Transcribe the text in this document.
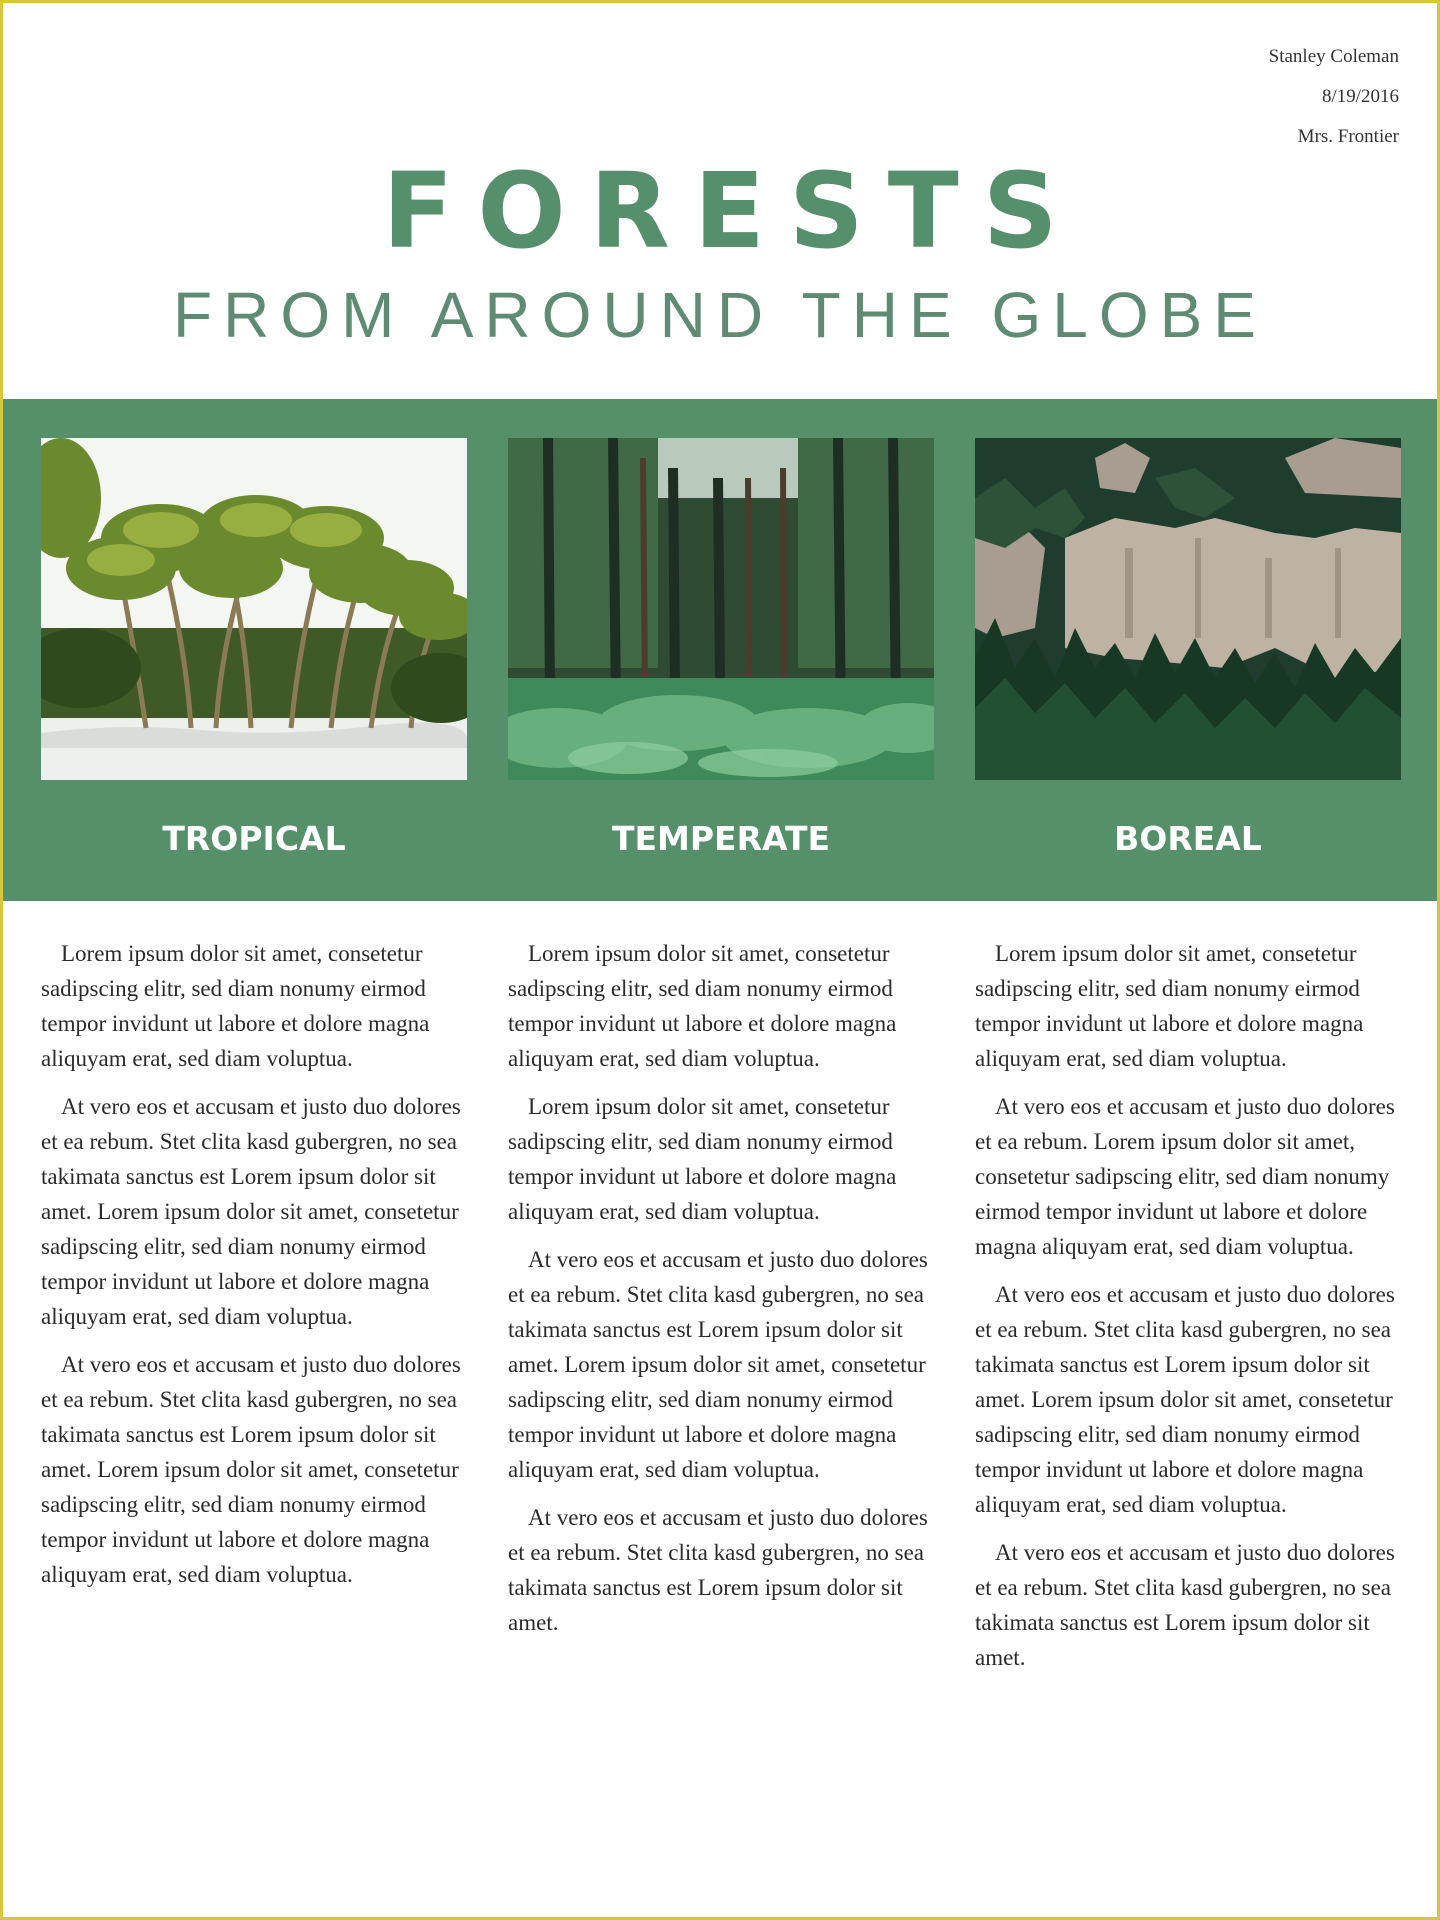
Stanley Coleman
8/19/2016
Mrs. Frontier
FORESTS
FROM AROUND THE GLOBE
TROPICAL	TEMPERATE	BOREAL

Lorem ipsum dolor sit amet, consetetur sadipscing elitr, sed diam nonumy eirmod tempor invidunt ut labore et dolore magna aliquyam erat, sed diam voluptua.

At vero eos et accusam et justo duo dolores et ea rebum. Stet clita kasd gubergren, no sea takimata sanctus est Lorem ipsum dolor sit amet. Lorem ipsum dolor sit amet, consetetur sadipscing elitr, sed diam nonumy eirmod tempor invidunt ut labore et dolore magna aliquyam erat, sed diam voluptua.

At vero eos et accusam et justo duo dolores et ea rebum. Stet clita kasd gubergren, no sea takimata sanctus est Lorem ipsum dolor sit amet. Lorem ipsum dolor sit amet, consetetur sadipscing elitr, sed diam nonumy eirmod tempor invidunt ut labore et dolore magna aliquyam erat, sed diam voluptua.

Lorem ipsum dolor sit amet, consetetur sadipscing elitr, sed diam nonumy eirmod tempor invidunt ut labore et dolore magna aliquyam erat, sed diam voluptua.

Lorem ipsum dolor sit amet, consetetur sadipscing elitr, sed diam nonumy eirmod tempor invidunt ut labore et dolore magna aliquyam erat, sed diam voluptua.

At vero eos et accusam et justo duo dolores et ea rebum. Stet clita kasd gubergren, no sea takimata sanctus est Lorem ipsum dolor sit amet. Lorem ipsum dolor sit amet, consetetur sadipscing elitr, sed diam nonumy eirmod tempor invidunt ut labore et dolore magna aliquyam erat, sed diam voluptua.

At vero eos et accusam et justo duo dolores et ea rebum. Stet clita kasd gubergren, no sea takimata sanctus est Lorem ipsum dolor sit amet.

Lorem ipsum dolor sit amet, consetetur sadipscing elitr, sed diam nonumy eirmod tempor invidunt ut labore et dolore magna aliquyam erat, sed diam voluptua.

At vero eos et accusam et justo duo dolores et ea rebum. Lorem ipsum dolor sit amet, consetetur sadipscing elitr, sed diam nonumy eirmod tempor invidunt ut labore et dolore magna aliquyam erat, sed diam voluptua.

At vero eos et accusam et justo duo dolores et ea rebum. Stet clita kasd gubergren, no sea takimata sanctus est Lorem ipsum dolor sit amet. Lorem ipsum dolor sit amet, consetetur sadipscing elitr, sed diam nonumy eirmod tempor invidunt ut labore et dolore magna aliquyam erat, sed diam voluptua.

At vero eos et accusam et justo duo dolores et ea rebum. Stet clita kasd gubergren, no sea takimata sanctus est Lorem ipsum dolor sit amet.
